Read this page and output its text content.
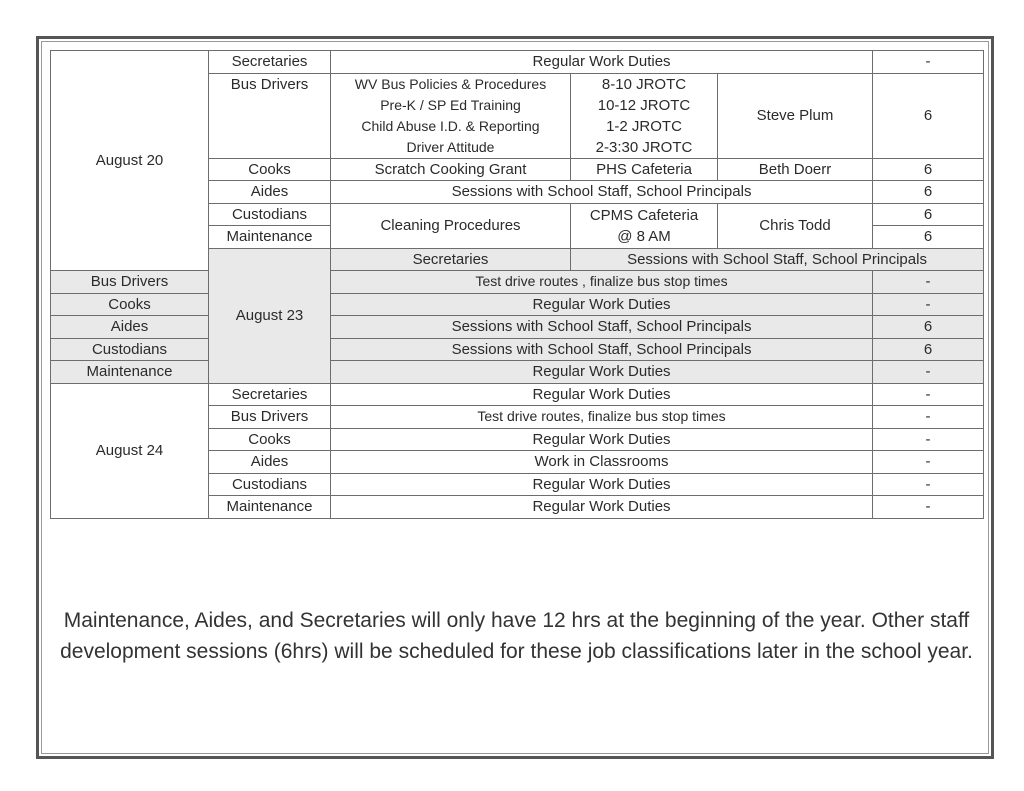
August 20	Secretaries	Regular Work Duties			-	
	Bus Drivers	WV Bus Policies & Procedures
Pre-K / SP Ed Training
Child Abuse I.D. & Reporting
Driver Attitude	8-10 JROTC
10-12 JROTC
1-2 JROTC
2-3:30 JROTC	Steve Plum	6	
	Cooks	Scratch Cooking Grant	PHS Cafeteria	Beth Doerr	6	
	Aides	Sessions with School Staff, School Principals			6	
	Custodians	Cleaning Procedures	CPMS Cafeteria
@ 8 AM	Chris Todd	6	
	Maintenance				6	
	August 23	Secretaries	Sessions with School Staff, School Principals	
Bus Drivers		Test drive routes , finalize bus stop times			-	
Cooks		Regular Work Duties			-	
Aides		Sessions with School Staff, School Principals			6	
Custodians		Sessions with School Staff, School Principals			6	
Maintenance		Regular Work Duties			-	
August 24	Secretaries	Regular Work Duties			-	
	Bus Drivers	Test drive routes, finalize bus stop times			-	
	Cooks	Regular Work Duties			-	
	Aides	Work in Classrooms			-	
	Custodians	Regular Work Duties			-	
	Maintenance	Regular Work Duties			-	
Maintenance, Aides, and Secretaries will only have 12 hrs at the beginning of the year. Other staff development sessions (6hrs) will be scheduled for these job classifications later in the school year.
